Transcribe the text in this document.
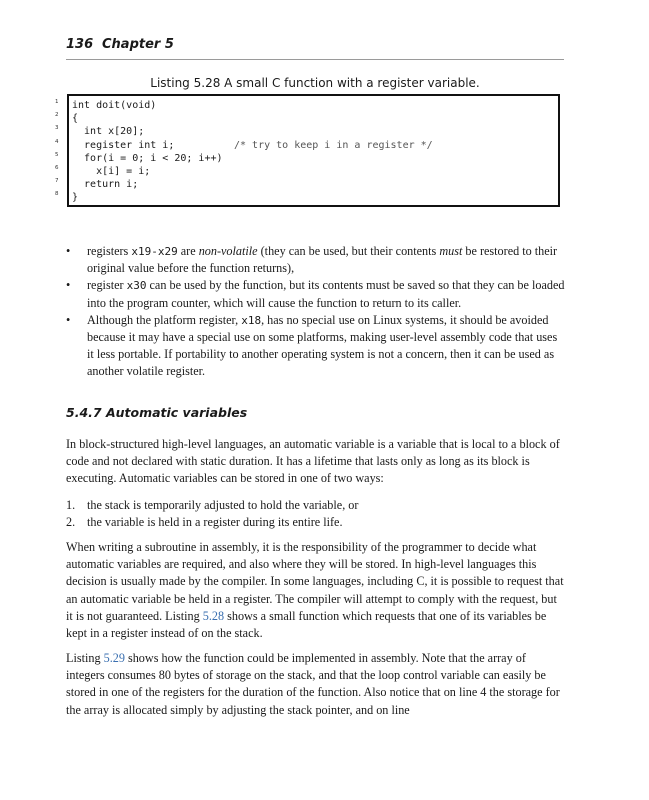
136 Chapter 5
Listing 5.28 A small C function with a register variable.
1
2
3
4
5
6
7
8
int doit(void)
{
int x[20];
register int i;	/* try to keep i in a register */
for(i = 0; i < 20; i++)
x[i] = i;
return i;
}
• registers x19-x29 are non-volatile (they can be used, but their contents must be restored to their original value before the function returns),
• register x30 can be used by the function, but its contents must be saved so that they can be loaded into the program counter, which will cause the function to return to its caller.
• Although the platform register, x18, has no special use on Linux systems, it should be avoided because it may have a special use on some platforms, making user-level assembly code that uses it less portable. If portability to another operating system is not a concern, then it can be used as another volatile register.
5.4.7 Automatic variables
In block-structured high-level languages, an automatic variable is a variable that is local to a block of code and not declared with static duration. It has a lifetime that lasts only as long as its block is executing. Automatic variables can be stored in one of two ways:
1. the stack is temporarily adjusted to hold the variable, or
2. the variable is held in a register during its entire life.
When writing a subroutine in assembly, it is the responsibility of the programmer to decide what automatic variables are required, and also where they will be stored. In high-level languages this decision is usually made by the compiler. In some languages, including C, it is possible to request that an automatic variable be held in a register. The compiler will attempt to comply with the request, but it is not guaranteed. Listing 5.28 shows a small function which requests that one of its variables be kept in a register instead of on the stack.
Listing 5.29 shows how the function could be implemented in assembly. Note that the array of integers consumes 80 bytes of storage on the stack, and that the loop control variable can easily be stored in one of the registers for the duration of the function. Also notice that on line 4 the storage for the array is allocated simply by adjusting the stack pointer, and on line
